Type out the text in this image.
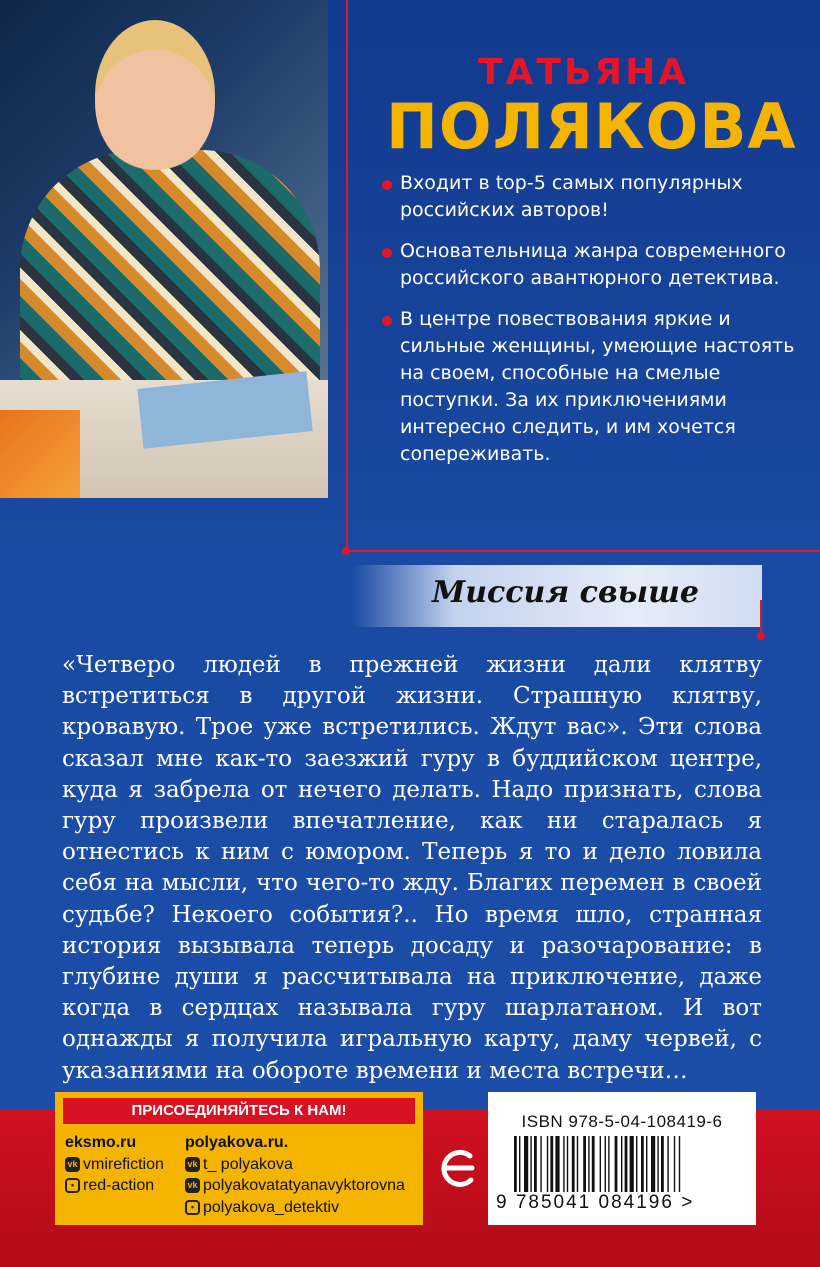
ТАТЬЯНА
ПОЛЯКОВА
Входит в top-5 самых популярных российских авторов!
Основательница жанра современного российского авантюрного детектива.
В центре повествования яркие и сильные женщины, умеющие настоять на своем, способные на смелые поступки. За их приключениями интересно следить, и им хочется сопереживать.
Миссия свыше

«Четверо людей в прежней жизни дали клятву встретиться в другой жизни. Страшную клятву, кровавую. Трое уже встретились. Ждут вас». Эти слова сказал мне как-то заезжий гуру в буддийском центре, куда я забрела от нечего делать. Надо признать, слова гуру произвели впечатление, как ни старалась я отнестись к ним с юмором. Теперь я то и дело ловила себя на мысли, что чего-то жду. Благих перемен в своей судьбе? Некоего события?.. Но время шло, странная история вызывала теперь досаду и разочарование: в глубине души я рассчитывала на приключение, даже когда в сердцах называла гуру шарлатаном. И вот однажды я получила игральную карту, даму червей, с указаниями на обороте времени и места встречи…

ПРИСОЕДИНЯЙТЕСЬ К НАМ!
eksmo.ru
vk vmirefiction
• red-action
polyakova.ru.
vk t_ polyakova
vk polyakovatatyanavyktorovna
• polyakova_detektiv
ISBN 978-5-04-108419-6
9 785041 084196 >
